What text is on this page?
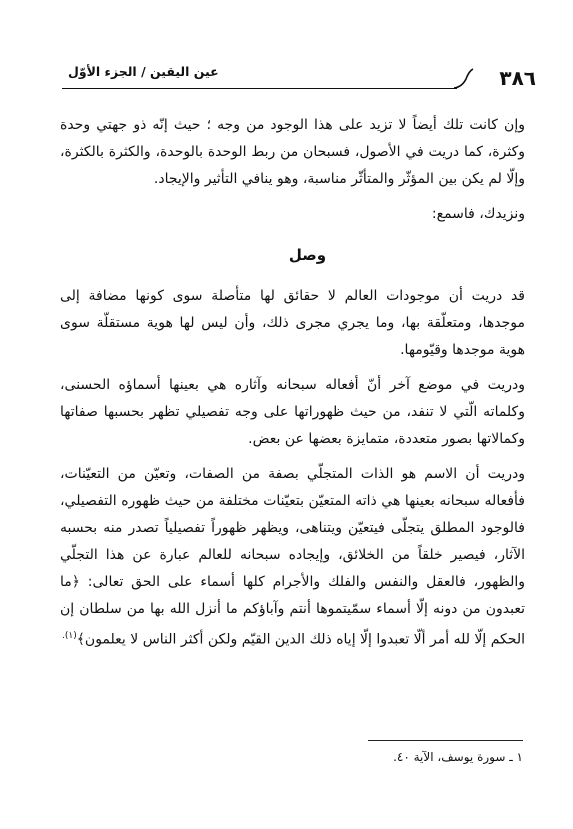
٣٨٦
عين اليقين / الجزء الأوّل

وإن كانت تلك أيضاً لا تزيد على هذا الوجود من وجه ؛ حيث إنّه ذو جهتي وحدة وكثرة، كما دريت في الأصول، فسبحان من ربط الوحدة بالوحدة، والكثرة بالكثرة، وإلّا لم يكن بين المؤثّر والمتأثّر مناسبة، وهو ينافي التأثير والإيجاد.

ونزيدك، فاسمع:

وصل

قد دريت أن موجودات العالم لا حقائق لها متأصلة سوى كونها مضافة إلى موجدها، ومتعلّقة بها، وما يجري مجرى ذلك، وأن ليس لها هوية مستقلّة سوى هوية موجدها وقيّومها.

ودريت في موضع آخر أنّ أفعاله سبحانه وآثاره هي بعينها أسماؤه الحسنى، وكلماته الّتي لا تنفد، من حيث ظهوراتها على وجه تفصيلي تظهر بحسبها صفاتها وكمالاتها بصور متعددة، متمايزة بعضها عن بعض.

ودريت أن الاسم هو الذات المتجلّي بصفة من الصفات، وتعيّن من التعيّنات، فأفعاله سبحانه بعينها هي ذاته المتعيّن بتعيّنات مختلفة من حيث ظهوره التفصيلي، فالوجود المطلق يتجلّى فيتعيّن ويتناهى، ويظهر ظهوراً تفصيلياً تصدر منه بحسبه الآثار، فيصير خلقاً من الخلائق، وإيجاده سبحانه للعالم عبارة عن هذا التجلّي والظهور، فالعقل والنفس والفلك والأجرام كلها أسماء على الحق تعالى: ﴿ما تعبدون من دونه إلّا أسماء سمّيتموها أنتم وآباؤكم ما أنزل الله بها من سلطان إن الحكم إلّا لله أمر ألّا تعبدوا إلّا إياه ذلك الدين القيّم ولكن أكثر الناس لا يعلمون﴾$^{(١).}$

١ ـ سورة يوسف، الآية ٤٠.
